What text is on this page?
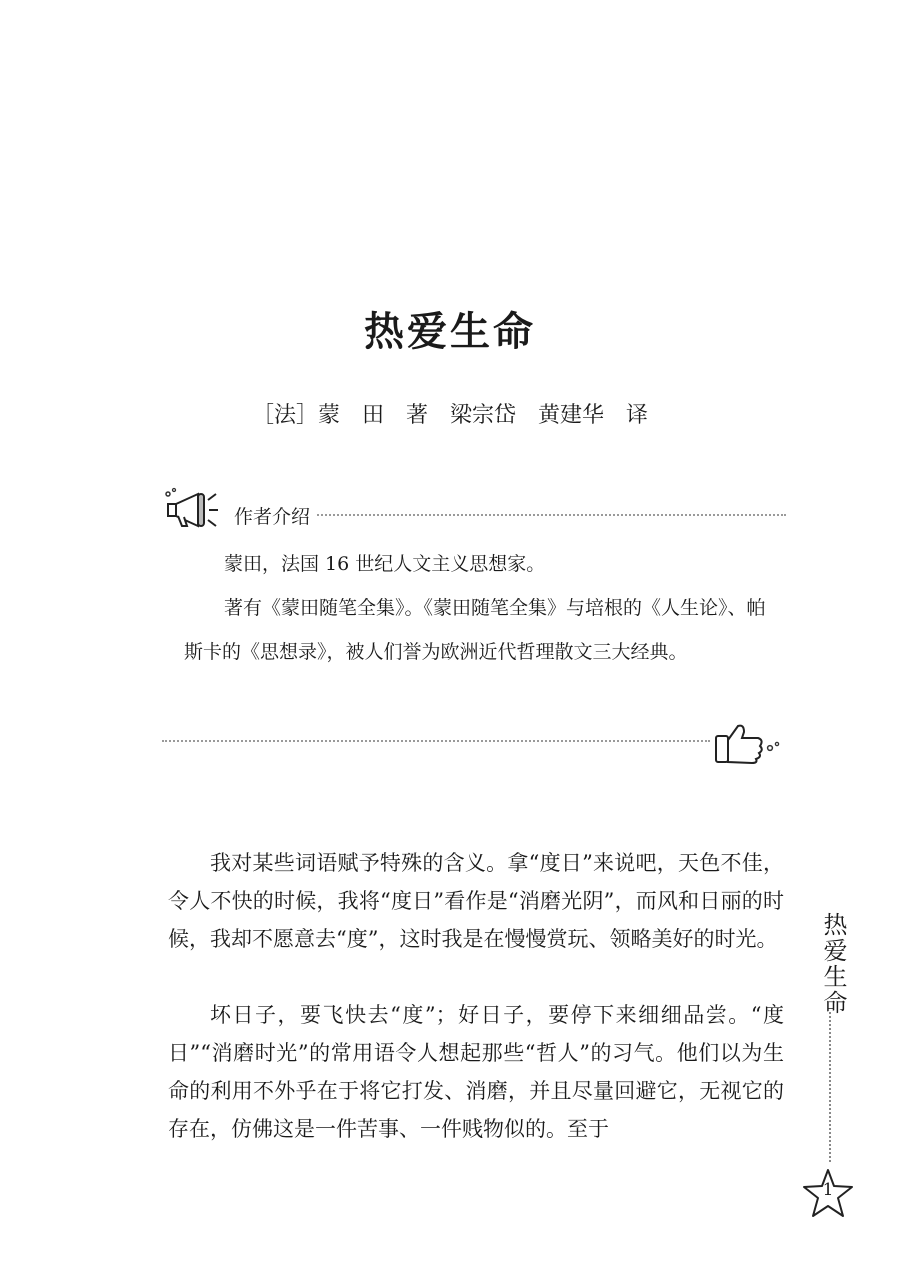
热爱生命

［法］蒙　田　著　梁宗岱　黄建华　译

作者介绍

蒙田，法国 16 世纪人文主义思想家。

著有《蒙田随笔全集》。《蒙田随笔全集》与培根的《人生论》、帕斯卡的《思想录》，被人们誉为欧洲近代哲理散文三大经典。

我对某些词语赋予特殊的含义。拿“度日”来说吧，天色不佳，令人不快的时候，我将“度日”看作是“消磨光阴”，而风和日丽的时候，我却不愿意去“度”，这时我是在慢慢赏玩、领略美好的时光。

坏日子，要飞快去“度”；好日子，要停下来细细品尝。“度日”“消磨时光”的常用语令人想起那些“哲人”的习气。他们以为生命的利用不外乎在于将它打发、消磨，并且尽量回避它，无视它的存在，仿佛这是一件苦事、一件贱物似的。至于

热爱生命

1
